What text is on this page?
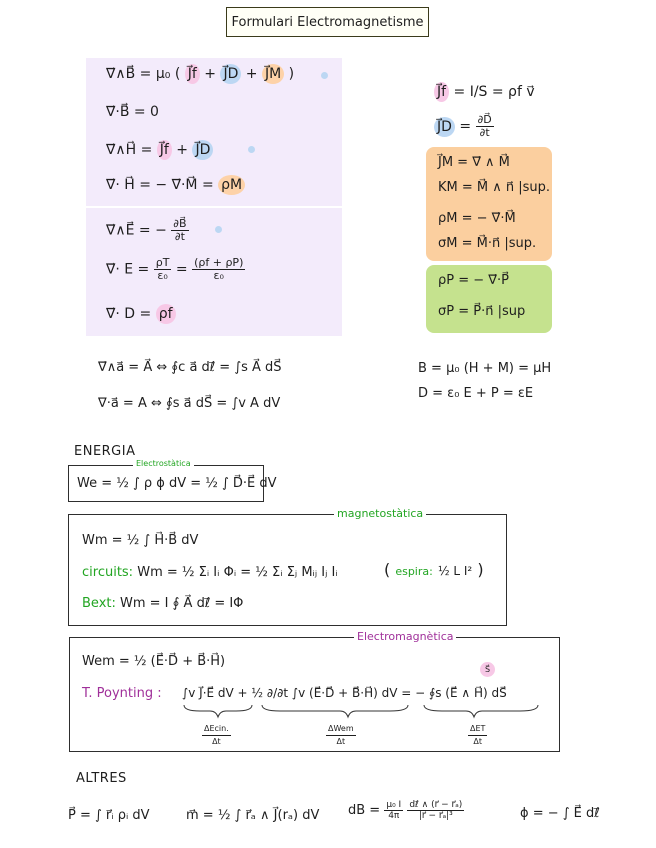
Formulari Electromagnetisme
∇⃗∧B⃗ = μ₀ ( J⃗f + J⃗D + J⃗M )
∇⃗·B⃗ = 0
∇⃗∧H⃗ = J⃗f + J⃗D
∇⃗· H⃗ = − ∇⃗·M⃗ = ρM
∇⃗∧E⃗ = − $\frac{\partial B⃗}{\partial t}$
∇⃗· $E = \frac{\rho T}{\text{ε₀}} = \frac{(\rho f + \rho P)}{\text{ε₀}}$
∇⃗· D = ρf
J⃗f = I/S = ρf v⃗
J⃗D = $\frac{\partial D⃗}{\partial t}$
J⃗M = ∇⃗ ∧ M⃗
KM = M⃗ ∧ n⃗ |sup.
ρM = − ∇⃗·M⃗
σM = M⃗·n⃗ |sup.
ρP = − ∇⃗·P⃗
σP = P⃗·n⃗ |sup
∇⃗∧a⃗ = A⃗ ⇔ ∮c a⃗ dℓ⃗ = ∫s A⃗ dS⃗
∇·a⃗ = A ⇔ ∮s a⃗ dS⃗ = ∫v A dV
B = μ₀ (H + M) = μH
D = ε₀ E + P = εE
ENERGIA
Electrostàtica
We = ½ ∫ ρ ϕ dV = ½ ∫ D⃗·E⃗ dV
magnetostàtica
Wm = ½ ∫ H⃗·B⃗ dV
circuits: Wm = ½ Σᵢ Iᵢ Φᵢ = ½ Σᵢ Σⱼ Mᵢⱼ Iⱼ Iᵢ	( espira: ½ L I² )
Bext: Wm = I ∮ A⃗ dℓ⃗ = IΦ
Electromagnètica
Wem = ½ (E⃗·D⃗ + B⃗·H⃗)
S⃗
T. Poynting : ∫v J⃗·E⃗ dV + ½ ∂/∂t ∫v (E⃗·D⃗ + B⃗·H⃗) dV = − ∮s (E⃗ ∧ H⃗) dS⃗
ΔEcin.
Δt
ΔWem
Δt
ΔET
Δt
ALTRES
P⃗ = ∫ r⃗ᵢ ρᵢ dV	m⃗ = ½ ∫ r⃗ₐ ∧ J⃗(rₐ) dV dB = $\frac{\text{μ₀ I}}{4\pi}$
$\frac{\text{dℓ⃗ ∧ (r⃗ − r⃗ₐ)}}{\text{|r⃗ − r⃗ₐ|³}}$	ϕ = − ∫ E⃗ dℓ⃗
